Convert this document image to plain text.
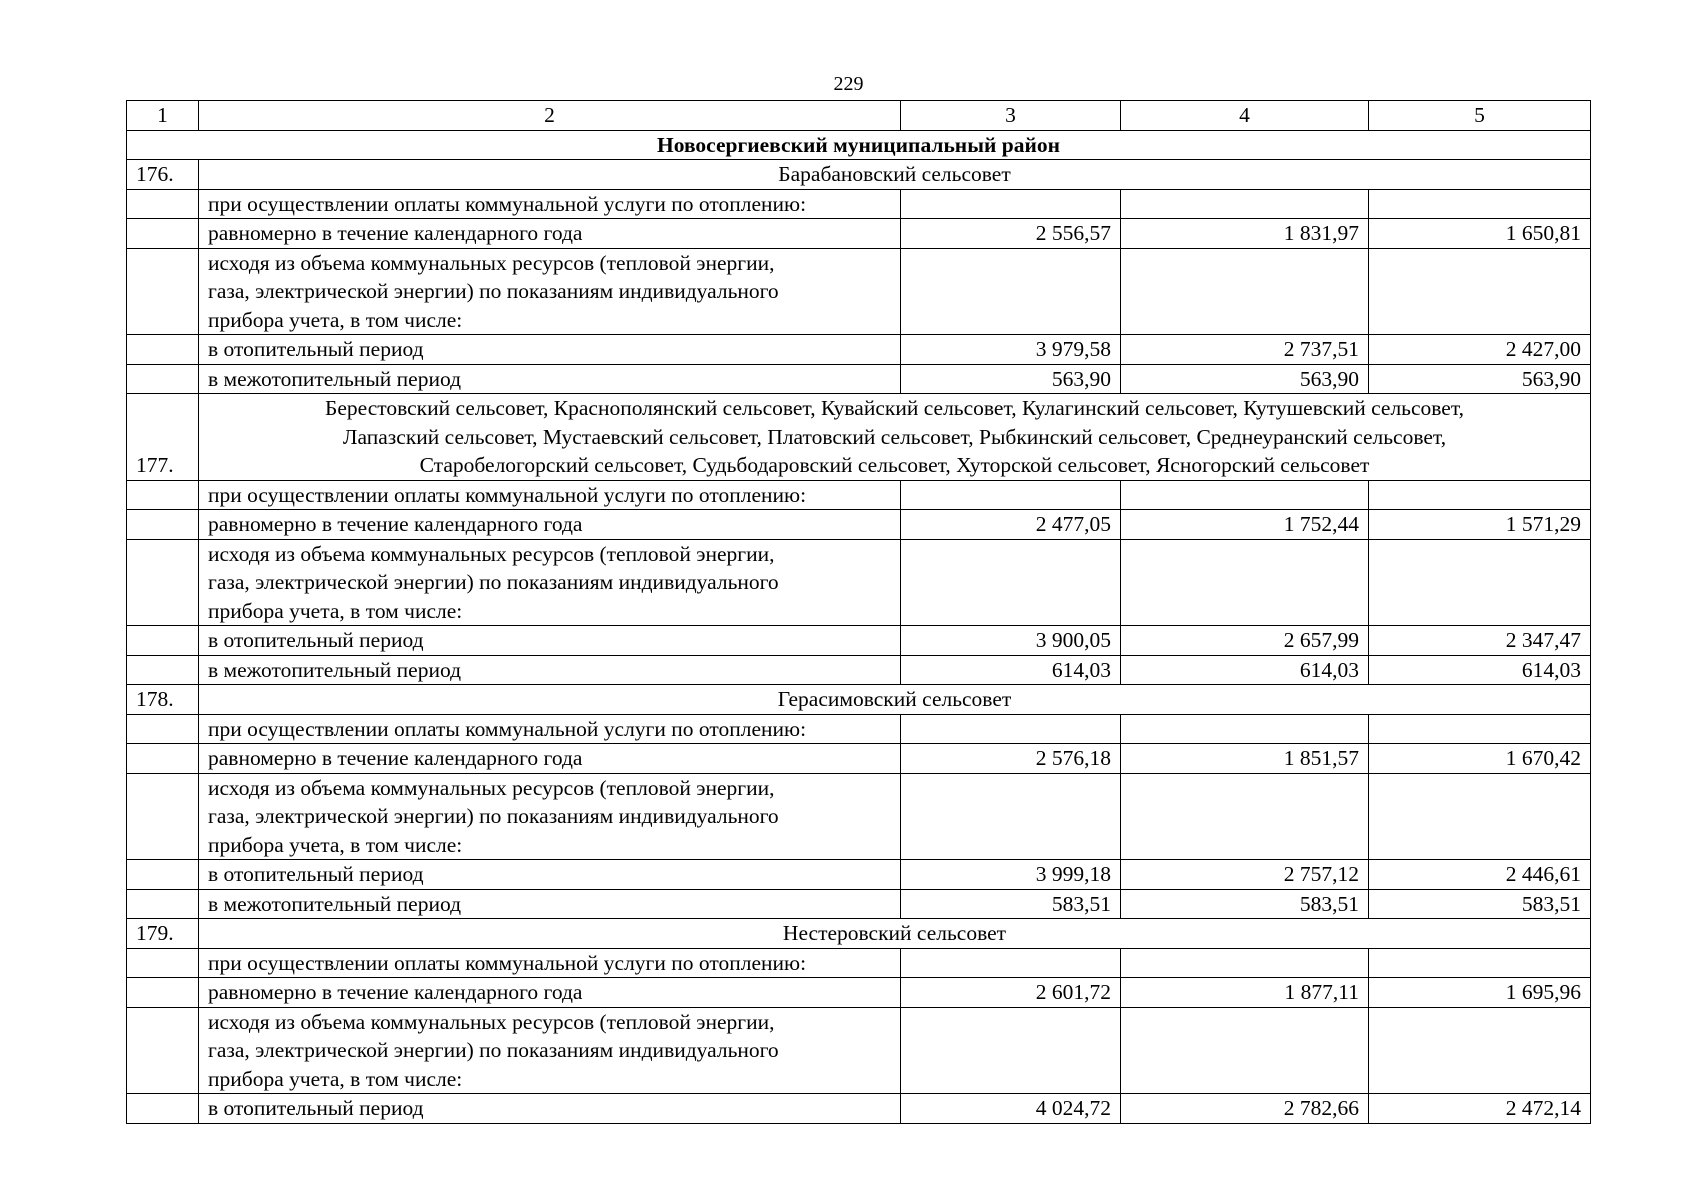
229
1	2	3	4	5
Новосергиевский муниципальный район				
176.	Барабановский сельсовет			

	при осуществлении оплаты коммунальной услуги по отоплению:			

	равномерно в течение календарного года	2 556,57	1 831,97	1 650,81

	исходя из объема коммунальных ресурсов (тепловой энергии,
газа, электрической энергии) по показаниям индивидуального
прибора учета, в том числе:			

	в отопительный период	3 979,58	2 737,51	2 427,00

	в межотопительный период	563,90	563,90	563,90
177.	Берестовский сельсовет, Краснополянский сельсовет, Кувайский сельсовет, Кулагинский сельсовет, Кутушевский сельсовет,
Лапазский сельсовет, Мустаевский сельсовет, Платовский сельсовет, Рыбкинский сельсовет, Среднеуранский сельсовет,
Старобелогорский сельсовет, Судьбодаровский сельсовет, Хуторской сельсовет, Ясногорский сельсовет			

	при осуществлении оплаты коммунальной услуги по отоплению:			

	равномерно в течение календарного года	2 477,05	1 752,44	1 571,29

	исходя из объема коммунальных ресурсов (тепловой энергии,
газа, электрической энергии) по показаниям индивидуального
прибора учета, в том числе:			

	в отопительный период	3 900,05	2 657,99	2 347,47

	в межотопительный период	614,03	614,03	614,03
178.	Герасимовский сельсовет			

	при осуществлении оплаты коммунальной услуги по отоплению:			

	равномерно в течение календарного года	2 576,18	1 851,57	1 670,42

	исходя из объема коммунальных ресурсов (тепловой энергии,
газа, электрической энергии) по показаниям индивидуального
прибора учета, в том числе:			

	в отопительный период	3 999,18	2 757,12	2 446,61

	в межотопительный период	583,51	583,51	583,51
179.	Нестеровский сельсовет			

	при осуществлении оплаты коммунальной услуги по отоплению:			

	равномерно в течение календарного года	2 601,72	1 877,11	1 695,96

	исходя из объема коммунальных ресурсов (тепловой энергии,
газа, электрической энергии) по показаниям индивидуального
прибора учета, в том числе:			

	в отопительный период	4 024,72	2 782,66	2 472,14
